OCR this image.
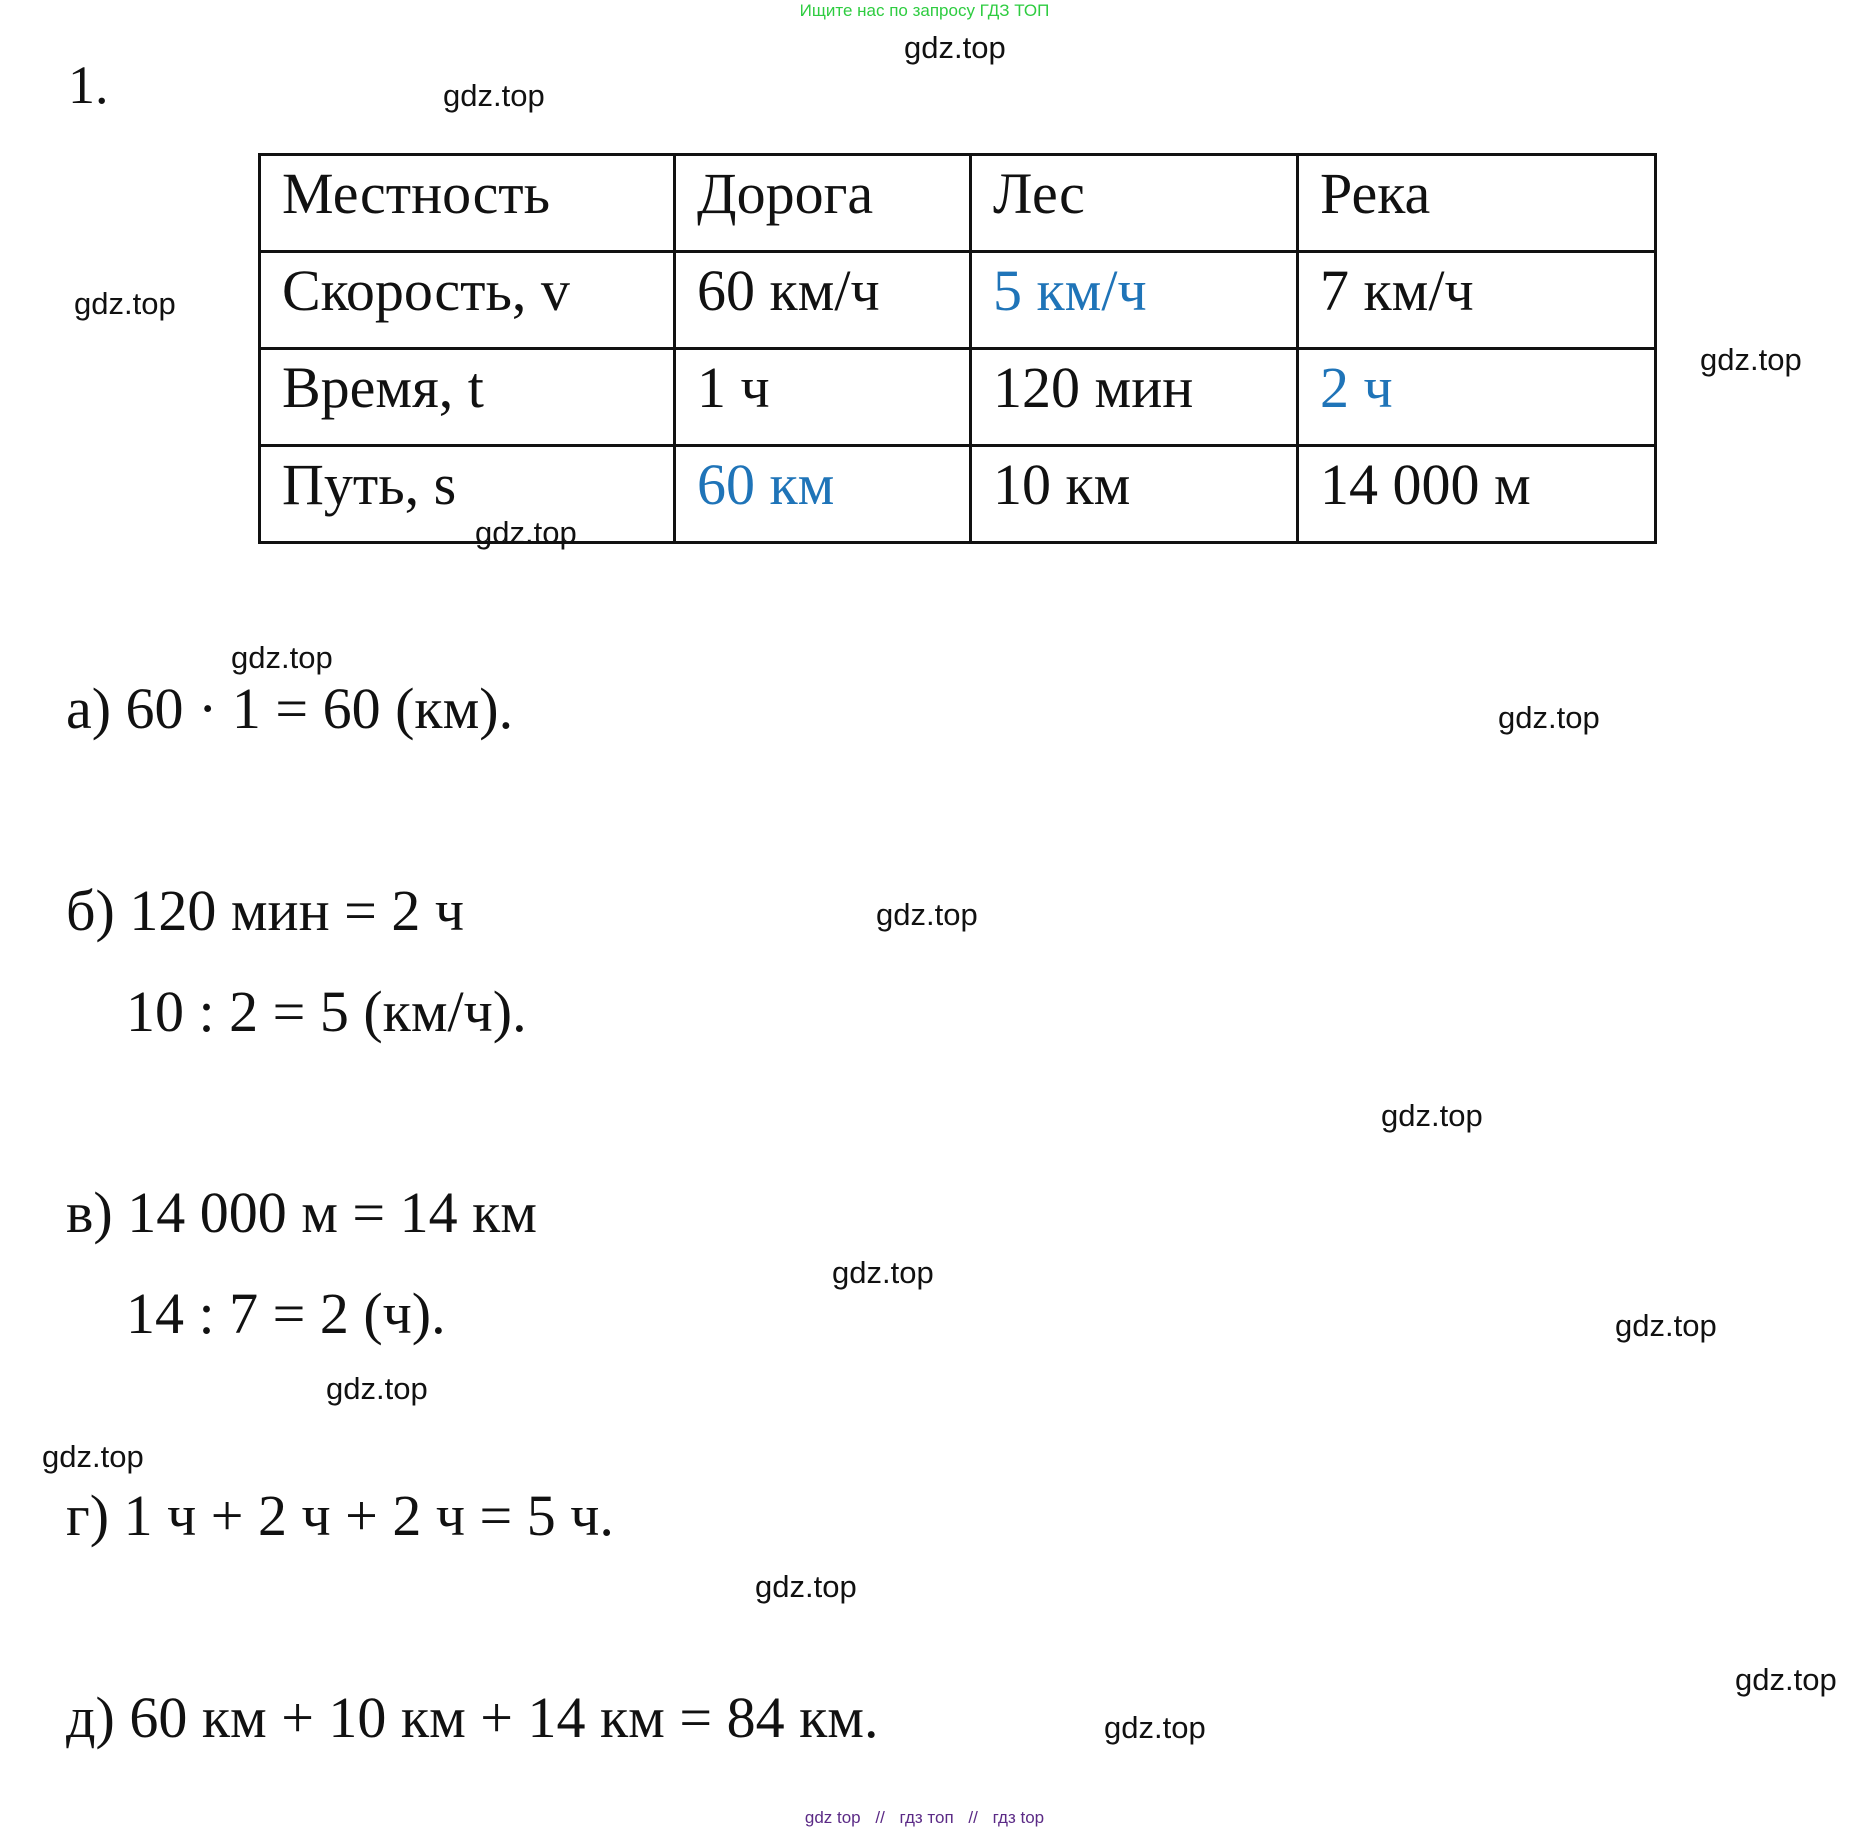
Ищите нас по запросу ГДЗ ТОП
1.
Местность	Дорога	Лес	Река
Скорость, v	60 км/ч	5 км/ч	7 км/ч
Время, t	1 ч	120 мин	2 ч
Путь, s	60 км	10 км	14 000 м
а) 60 · 1 = 60 (км).
б) 120 мин = 2 ч
10 : 2 = 5 (км/ч).
в) 14 000 м = 14 км
14 : 7 = 2 (ч).
г) 1 ч + 2 ч + 2 ч = 5 ч.
д) 60 км + 10 км + 14 км = 84 км.
gdz.top
gdz.top
gdz.top
gdz.top
gdz.top
gdz.top
gdz.top
gdz.top
gdz.top
gdz.top
gdz.top
gdz.top
gdz.top
gdz.top
gdz.top
gdz.top
gdz top // гдз топ // гдз top
